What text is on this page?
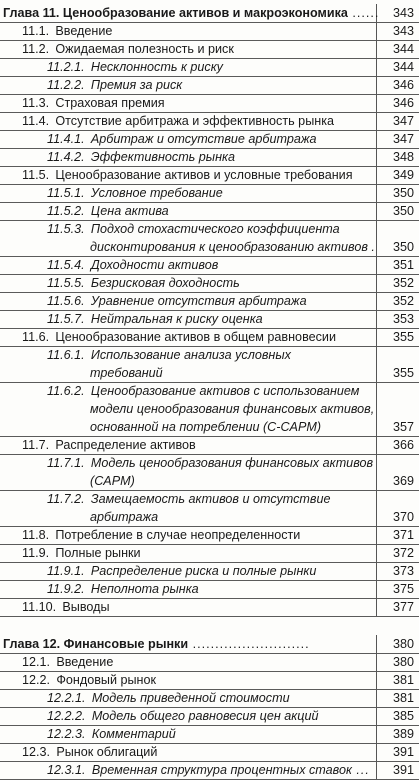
Глава 11. Ценообразование активов и макроэкономика ......	343
11.1.  Введение	343
11.2.  Ожидаемая полезность и риск	344
11.2.1.  Несклонность к риску	344
11.2.2.  Премия за риск	346
11.3.  Страховая премия	346
11.4.  Отсутствие арбитража и эффективность рынка	347
11.4.1.  Арбитраж и отсутствие арбитража	347
11.4.2.  Эффективность рынка	348
11.5.  Ценообразование активов и условные требования	349
11.5.1.  Условное требование	350
11.5.2.  Цена актива	350
11.5.3.  Подход стохастического коэффициента
дисконтирования к ценообразованию активов .	350
11.5.4.  Доходности активов	351
11.5.5.  Безрисковая доходность	352
11.5.6.  Уравнение отсутствия арбитража	352
11.5.7.  Нейтральная к риску оценка	353
11.6.  Ценообразование активов в общем равновесии	355
11.6.1.  Использование анализа условных
требований	355
11.6.2.  Ценообразование активов с использованием
модели ценообразования финансовых активов,
основанной на потреблении (C-CAPM)	357
11.7.  Распределение активов	366
11.7.1.  Модель ценообразования финансовых активов
(CAPM)	369
11.7.2.  Замещаемость активов и отсутствие
арбитража	370
11.8.  Потребление в случае неопределенности	371
11.9.  Полные рынки	372
11.9.1.  Распределение риска и полные рынки	373
11.9.2.  Неполнота рынка	375
11.10.  Выводы	377
Глава 12. Финансовые рынки ..........................	380
12.1.  Введение	380
12.2.  Фондовый рынок	381
12.2.1.  Модель приведенной стоимости	381
12.2.2.  Модель общего равновесия цен акций	385
12.2.3.  Комментарий	389
12.3.  Рынок облигаций	391
12.3.1.  Временная структура процентных ставок ...	391
